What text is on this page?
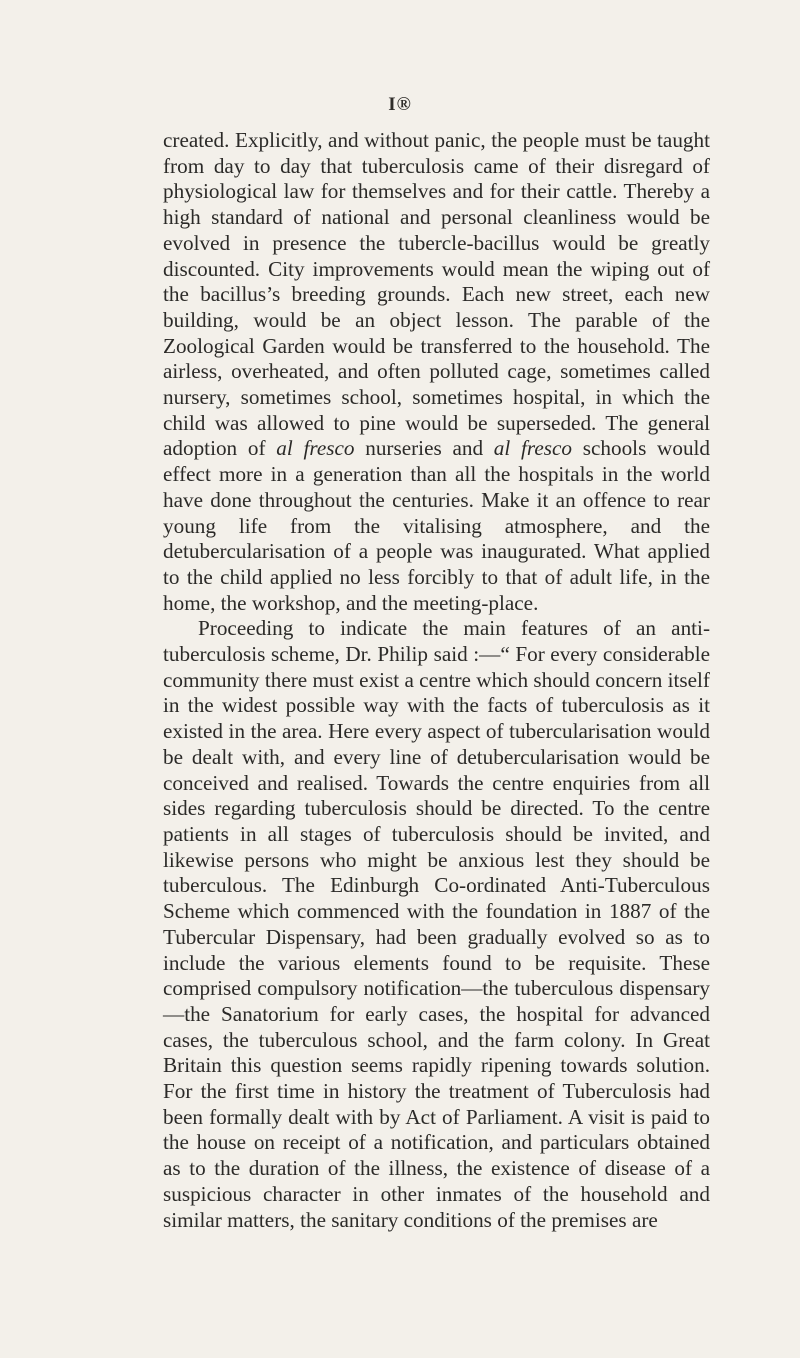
I®

created. Explicitly, and without panic, the people must be taught from day to day that tuberculosis came of their disregard of physiological law for themselves and for their cattle. Thereby a high standard of national and personal cleanliness would be evolved in presence the tubercle-bacillus would be greatly discounted. City improvements would mean the wiping out of the bacillus’s breeding grounds. Each new street, each new building, would be an object lesson. The parable of the Zoological Garden would be transferred to the household. The airless, overheated, and often polluted cage, sometimes called nursery, sometimes school, sometimes hospital, in which the child was allowed to pine would be superseded. The general adoption of al fresco nurseries and al fresco schools would effect more in a generation than all the hospitals in the world have done throughout the centuries. Make it an offence to rear young life from the vitalising atmosphere, and the detubercularisation of a people was inaugurated. What applied to the child applied no less forcibly to that of adult life, in the home, the workshop, and the meeting-place.

Proceeding to indicate the main features of an anti-tuberculosis scheme, Dr. Philip said :—“ For every considerable community there must exist a centre which should concern itself in the widest possible way with the facts of tuberculosis as it existed in the area. Here every aspect of tubercularisation would be dealt with, and every line of detubercularisation would be conceived and realised. Towards the centre enquiries from all sides regarding tuberculosis should be directed. To the centre patients in all stages of tuberculosis should be invited, and likewise persons who might be anxious lest they should be tuberculous. The Edinburgh Co-ordinated Anti-Tuberculous Scheme which commenced with the foundation in 1887 of the Tubercular Dispensary, had been gradually evolved so as to include the various elements found to be requisite. These comprised compulsory notification—the tuberculous dispensary—the Sanatorium for early cases, the hospital for advanced cases, the tuberculous school, and the farm colony. In Great Britain this question seems rapidly ripening towards solution. For the first time in history the treatment of Tuberculosis had been formally dealt with by Act of Parliament. A visit is paid to the house on receipt of a notification, and particulars obtained as to the duration of the illness, the existence of disease of a suspicious character in other inmates of the household and similar matters, the sanitary conditions of the premises are
